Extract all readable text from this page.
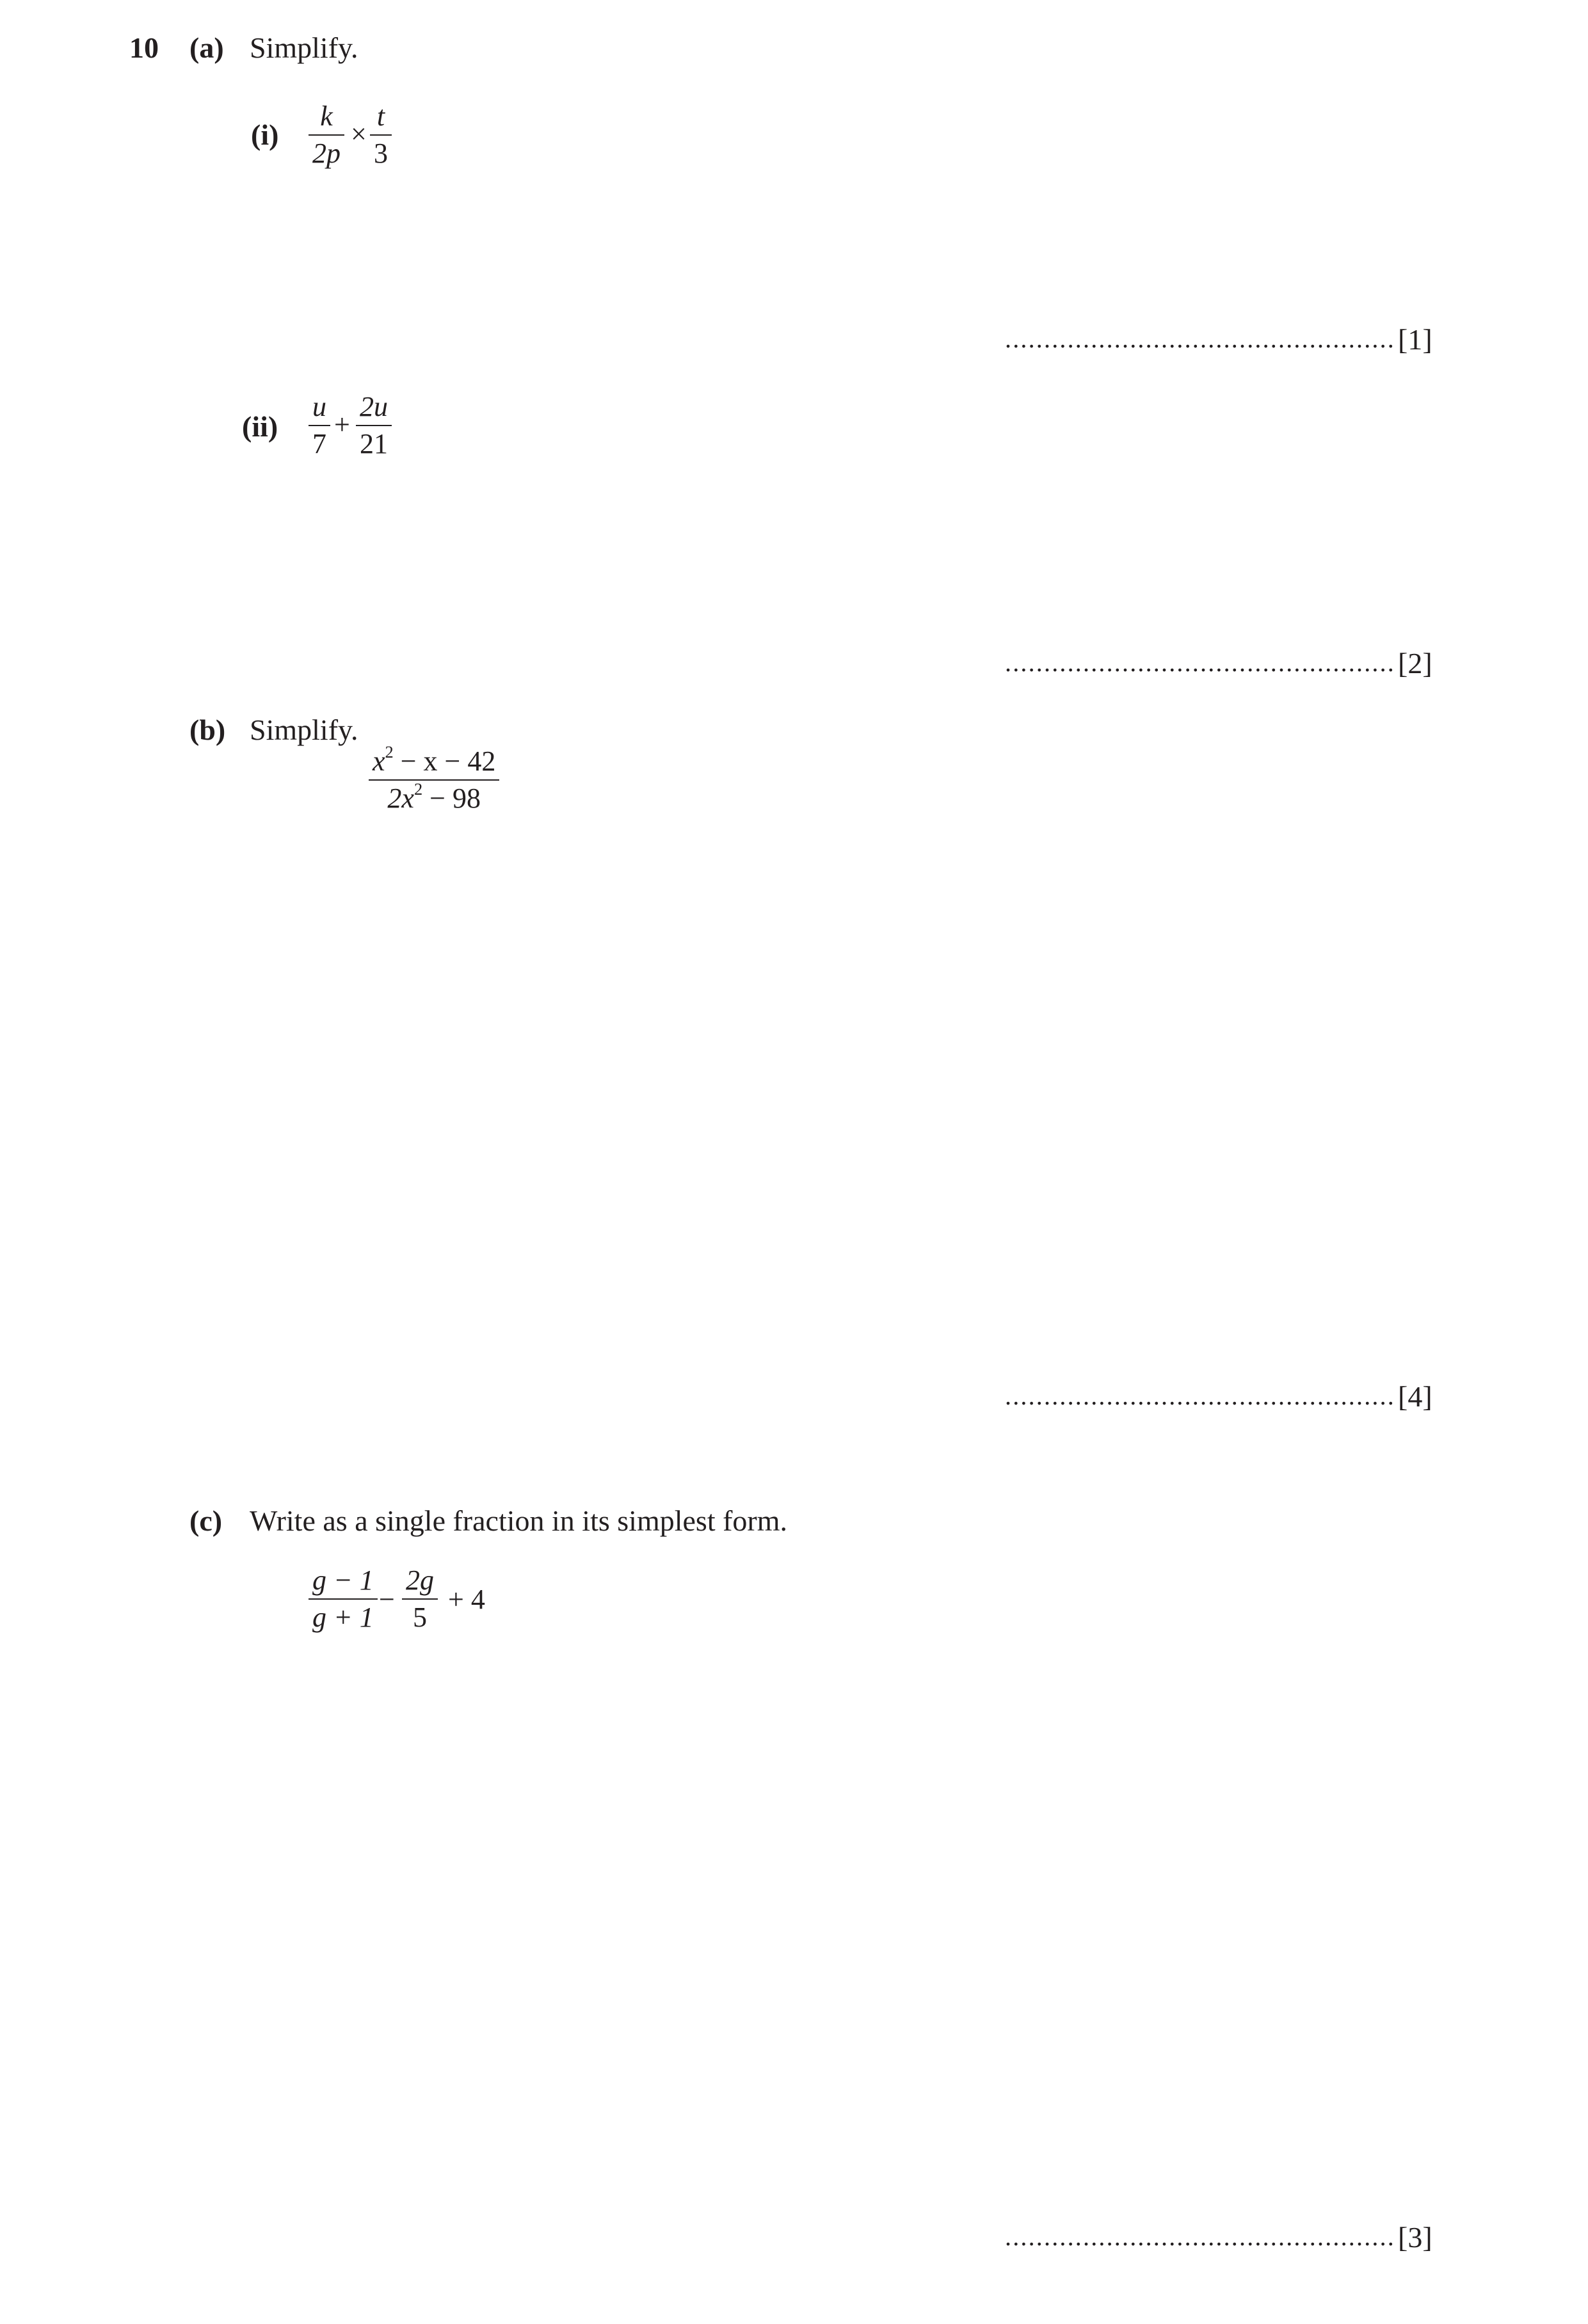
10 (a) Simplify.
(i)
k
2p
×
t
3
.................................................. [1]
(ii)
u
7
+
2u
21
.................................................. [2]
(b) Simplify.
$x^2 - x - 42$
$2x^2 - 98$
.................................................. [4]
(c) Write as a single fraction in its simplest form.
g − 1
g + 1
−
2g
5
+ 4
.................................................. [3]
